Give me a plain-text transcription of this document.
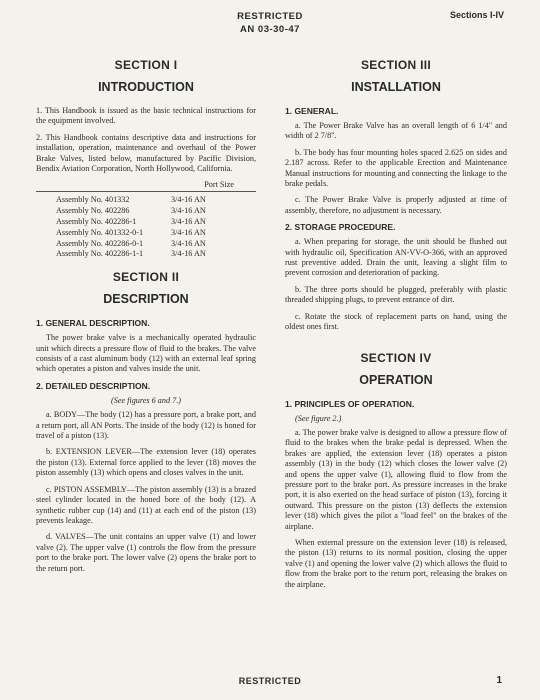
RESTRICTED
AN 03-30-47
Sections I-IV
SECTION I
INTRODUCTION

1. This Handbook is issued as the basic technical instructions for the equipment involved.

2. This Handbook contains descriptive data and instructions for installation, operation, maintenance and overhaul of the Power Brake Valves, listed below, manufactured by Pacific Division, Bendix Aviation Corporation, North Hollywood, California.

Port Size
Assembly No. 401332	3/4-16 AN
Assembly No. 402286	3/4-16 AN
Assembly No. 402286-1	3/4-16 AN
Assembly No. 401332-0-1	3/4-16 AN
Assembly No. 402286-0-1	3/4-16 AN
Assembly No. 402286-1-1	3/4-16 AN
SECTION II
DESCRIPTION
1. GENERAL DESCRIPTION.

The power brake valve is a mechanically operated hydraulic unit which directs a pressure flow of fluid to the brakes. The valve consists of a cast aluminum body (12) with an external leaf spring which operates a piston and valves inside the unit.

2. DETAILED DESCRIPTION.

(See figures 6 and 7.)

a. BODY—The body (12) has a pressure port, a brake port, and a return port, all AN Ports. The inside of the body (12) is honed for travel of a piston (13).

b. EXTENSION LEVER—The extension lever (18) operates the piston (13). External force applied to the lever (18) moves the piston assembly (13) which opens and closes valves in the unit.

c. PISTON ASSEMBLY—The piston assembly (13) is a brazed steel cylinder located in the honed bore of the body (12). A synthetic rubber cup (14) and (11) at each end of the piston (13) prevents leakage.

d. VALVES—The unit contains an upper valve (1) and lower valve (2). The upper valve (1) controls the flow from the pressure port to the brake port. The lower valve (2) opens the brake port to the return port.

SECTION III
INSTALLATION
1. GENERAL.

a. The Power Brake Valve has an overall length of 6 1/4" and width of 2 7/8".

b. The body has four mounting holes spaced 2.625 on sides and 2.187 across. Refer to the applicable Erection and Maintenance Manual instructions for mounting and connecting the linkage to the brake pedals.

c. The Power Brake Valve is properly adjusted at time of assembly, therefore, no adjustment is necessary.

2. STORAGE PROCEDURE.

a. When preparing for storage, the unit should be flushed out with hydraulic oil, Specification AN-VV-O-366, with an approved rust preventive added. Drain the unit, leaving a slight film to prevent corrosion and deterioration of packing.

b. The three ports should be plugged, preferably with plastic threaded shipping plugs, to prevent entrance of dirt.

c. Rotate the stock of replacement parts on hand, using the oldest ones first.

SECTION IV
OPERATION
1. PRINCIPLES OF OPERATION.

(See figure 2.)

a. The power brake valve is designed to allow a pressure flow of fluid to the brakes when the brake pedal is depressed. When the brakes are applied, the extension lever (18) operates a piston assembly (13) in the body (12) which closes the lower valve (2) and opens the upper valve (1), allowing fluid to flow from the pressure port to the brake port. As pressure increases in the brake port, it is also exerted on the head surface of piston (13), forcing it outward. This pressure on the piston (13) deflects the extension lever (18) which gives the pilot a "load feel" on the brakes of the airplane.

When external pressure on the extension lever (18) is released, the piston (13) returns to its normal position, closing the upper valve (1) and opening the lower valve (2) which allows the fluid to flow from the brake port to the return port, releasing the brakes on the airplane.

RESTRICTED	1
